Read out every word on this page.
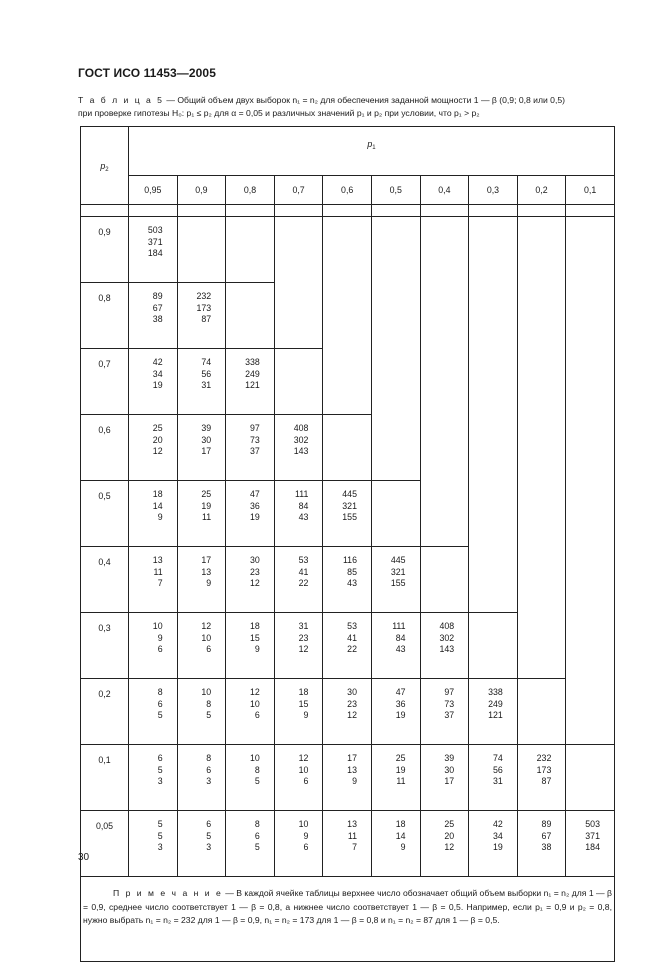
ГОСТ ИСО 11453—2005
Т а б л и ц а 5 — Общий объем двух выборок n₁ = n₂ для обеспечения заданной мощности 1 — β (0,9; 0,8 или 0,5)
при проверке гипотезы H₀: p₁ ≤ p₂ для α = 0,05 и различных значений p₁ и p₂ при условии, что p₁ > p₂
$p_2$	$p_1$
	0,95	0,9	0,8	0,7	0,6	0,5	0,4	0,3	0,2	0,1

0,9	503
371
184									

0,8	89
67
38	232
173
87								

0,7	42
34
19	74
56
31	338
249
121							

0,6	25
20
12	39
30
17	97
73
37	408
302
143						

0,5	18
14
9	25
19
11	47
36
19	111
84
43	445
321
155					

0,4	13
11
7	17
13
9	30
23
12	53
41
22	116
85
43	445
321
155				

0,3	10
9
6	12
10
6	18
15
9	31
23
12	53
41
22	111
84
43	408
302
143			

0,2	8
6
5	10
8
5	12
10
6	18
15
9	30
23
12	47
36
19	97
73
37	338
249
121		

0,1	6
5
3	8
6
3	10
8
5	12
10
6	17
13
9	25
19
11	39
30
17	74
56
31	232
173
87	

0,05	5
5
3	6
5
3	8
6
5	10
9
6	13
11
7	18
14
9	25
20
12	42
34
19	89
67
38	503
371
184

П р и м е ч а н и е — В каждой ячейке таблицы верхнее число обозначает общий объем выборки n₁ = n₂ для 1 — β = 0,9, среднее число соответствует 1 — β = 0,8, а нижнее число соответствует 1 — β = 0,5. Например, если p₁ = 0,9 и p₂ = 0,8, нужно выбрать n₁ = n₂ = 232 для 1 — β = 0,9, n₁ = n₂ = 173 для 1 — β = 0,8 и n₁ = n₂ = 87 для 1 — β = 0,5.										
30
